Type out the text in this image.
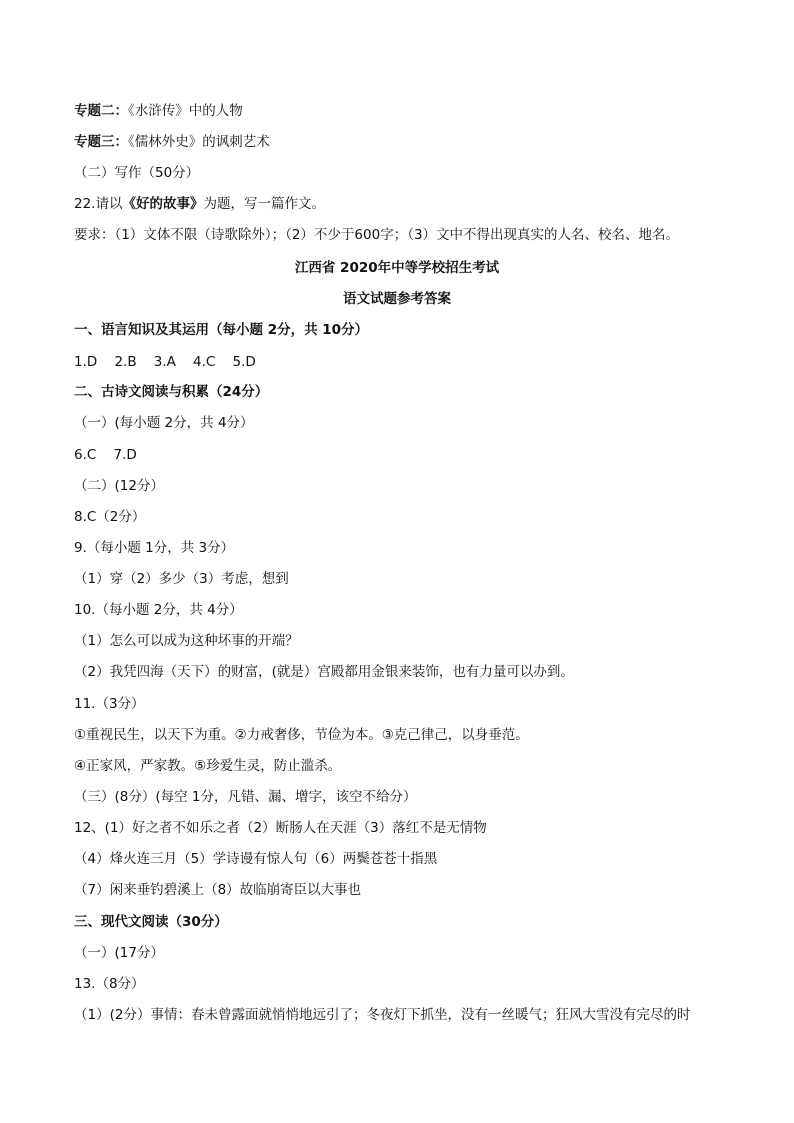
专题二：《水浒传》中的人物
专题三：《儒林外史》的讽刺艺术
（二）写作（50分）
22.请以《好的故事》为题，写一篇作文。
要求：（1）文体不限（诗歌除外）；（2）不少于600字；（3）文中不得出现真实的人名、校名、地名。
江西省 2020年中等学校招生考试
语文试题参考答案
一、语言知识及其运用（每小题 2分，共 10分）
1.D    2.B    3.A    4.C    5.D
二、古诗文阅读与积累（24分）
（一）(每小题 2分，共 4分）
6.C    7.D
（二）(12分）
8.C（2分）
9.（每小题 1分，共 3分）
（1）穿（2）多少（3）考虑，想到
10.（每小题 2分，共 4分）
（1）怎么可以成为这种坏事的开端？
（2）我凭四海（天下）的财富，(就是）宫殿都用金银来装饰，也有力量可以办到。
11.（3分）
①重视民生，以天下为重。②力戒奢侈，节俭为本。③克己律己，以身垂范。
④正家风，严家教。⑤珍爱生灵，防止滥杀。
（三）(8分）(每空 1分，凡错、漏、增字，该空不给分）
12、(1）好之者不如乐之者（2）断肠人在天涯（3）落红不是无情物
（4）烽火连三月（5）学诗谩有惊人句（6）两鬓苍苍十指黑
（7）闲来垂钓碧溪上（8）故临崩寄臣以大事也
三、现代文阅读（30分）
（一）(17分）
13.（8分）
（1）(2分）事情：春未曾露面就悄悄地远引了；冬夜灯下抓坐，没有一丝暖气；狂风大雪没有完尽的时
